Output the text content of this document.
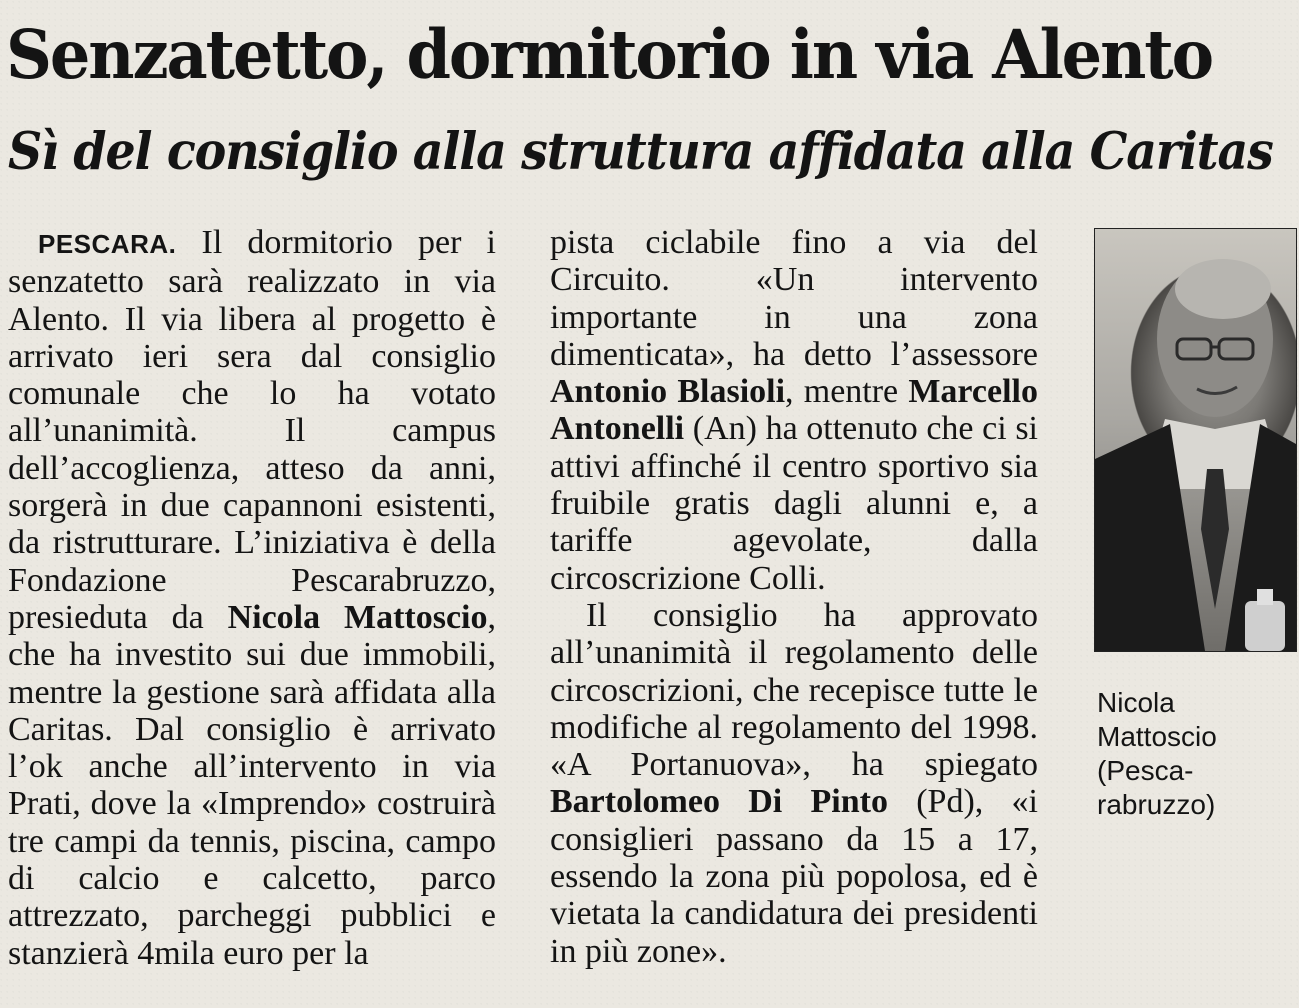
Senzatetto, dormitorio in via Alento
Sì del consiglio alla struttura affidata alla Caritas

PESCARA. Il dormitorio per i senzatetto sarà realizzato in via Alento. Il via libera al progetto è arrivato ieri sera dal consiglio comunale che lo ha votato all’unanimità. Il campus dell’accoglienza, atteso da anni, sorgerà in due capannoni esistenti, da ristrutturare. L’iniziativa è della Fondazione Pescarabruzzo, presieduta da Nicola Mattoscio, che ha investito sui due immobili, mentre la gestione sarà affidata alla Caritas. Dal consiglio è arrivato l’ok anche all’intervento in via Prati, dove la «Imprendo» costruirà tre campi da tennis, piscina, campo di calcio e calcetto, parco attrezzato, parcheggi pubblici e stanzierà 4mila euro per la

pista ciclabile fino a via del Circuito. «Un intervento importante in una zona dimenticata», ha detto l’assessore Antonio Blasioli, mentre Marcello Antonelli (An) ha ottenuto che ci si attivi affinché il centro sportivo sia fruibile gratis dagli alunni e, a tariffe agevolate, dalla circoscrizione Colli.

Il consiglio ha approvato all’unanimità il regolamento delle circoscrizioni, che recepisce tutte le modifiche al regolamento del 1998. «A Portanuova», ha spiegato Bartolomeo Di Pinto (Pd), «i consiglieri passano da 15 a 17, essendo la zona più popolosa, ed è vietata la candidatura dei presidenti in più zone».

Nicola
Mattoscio
(Pesca-
rabruzzo)
